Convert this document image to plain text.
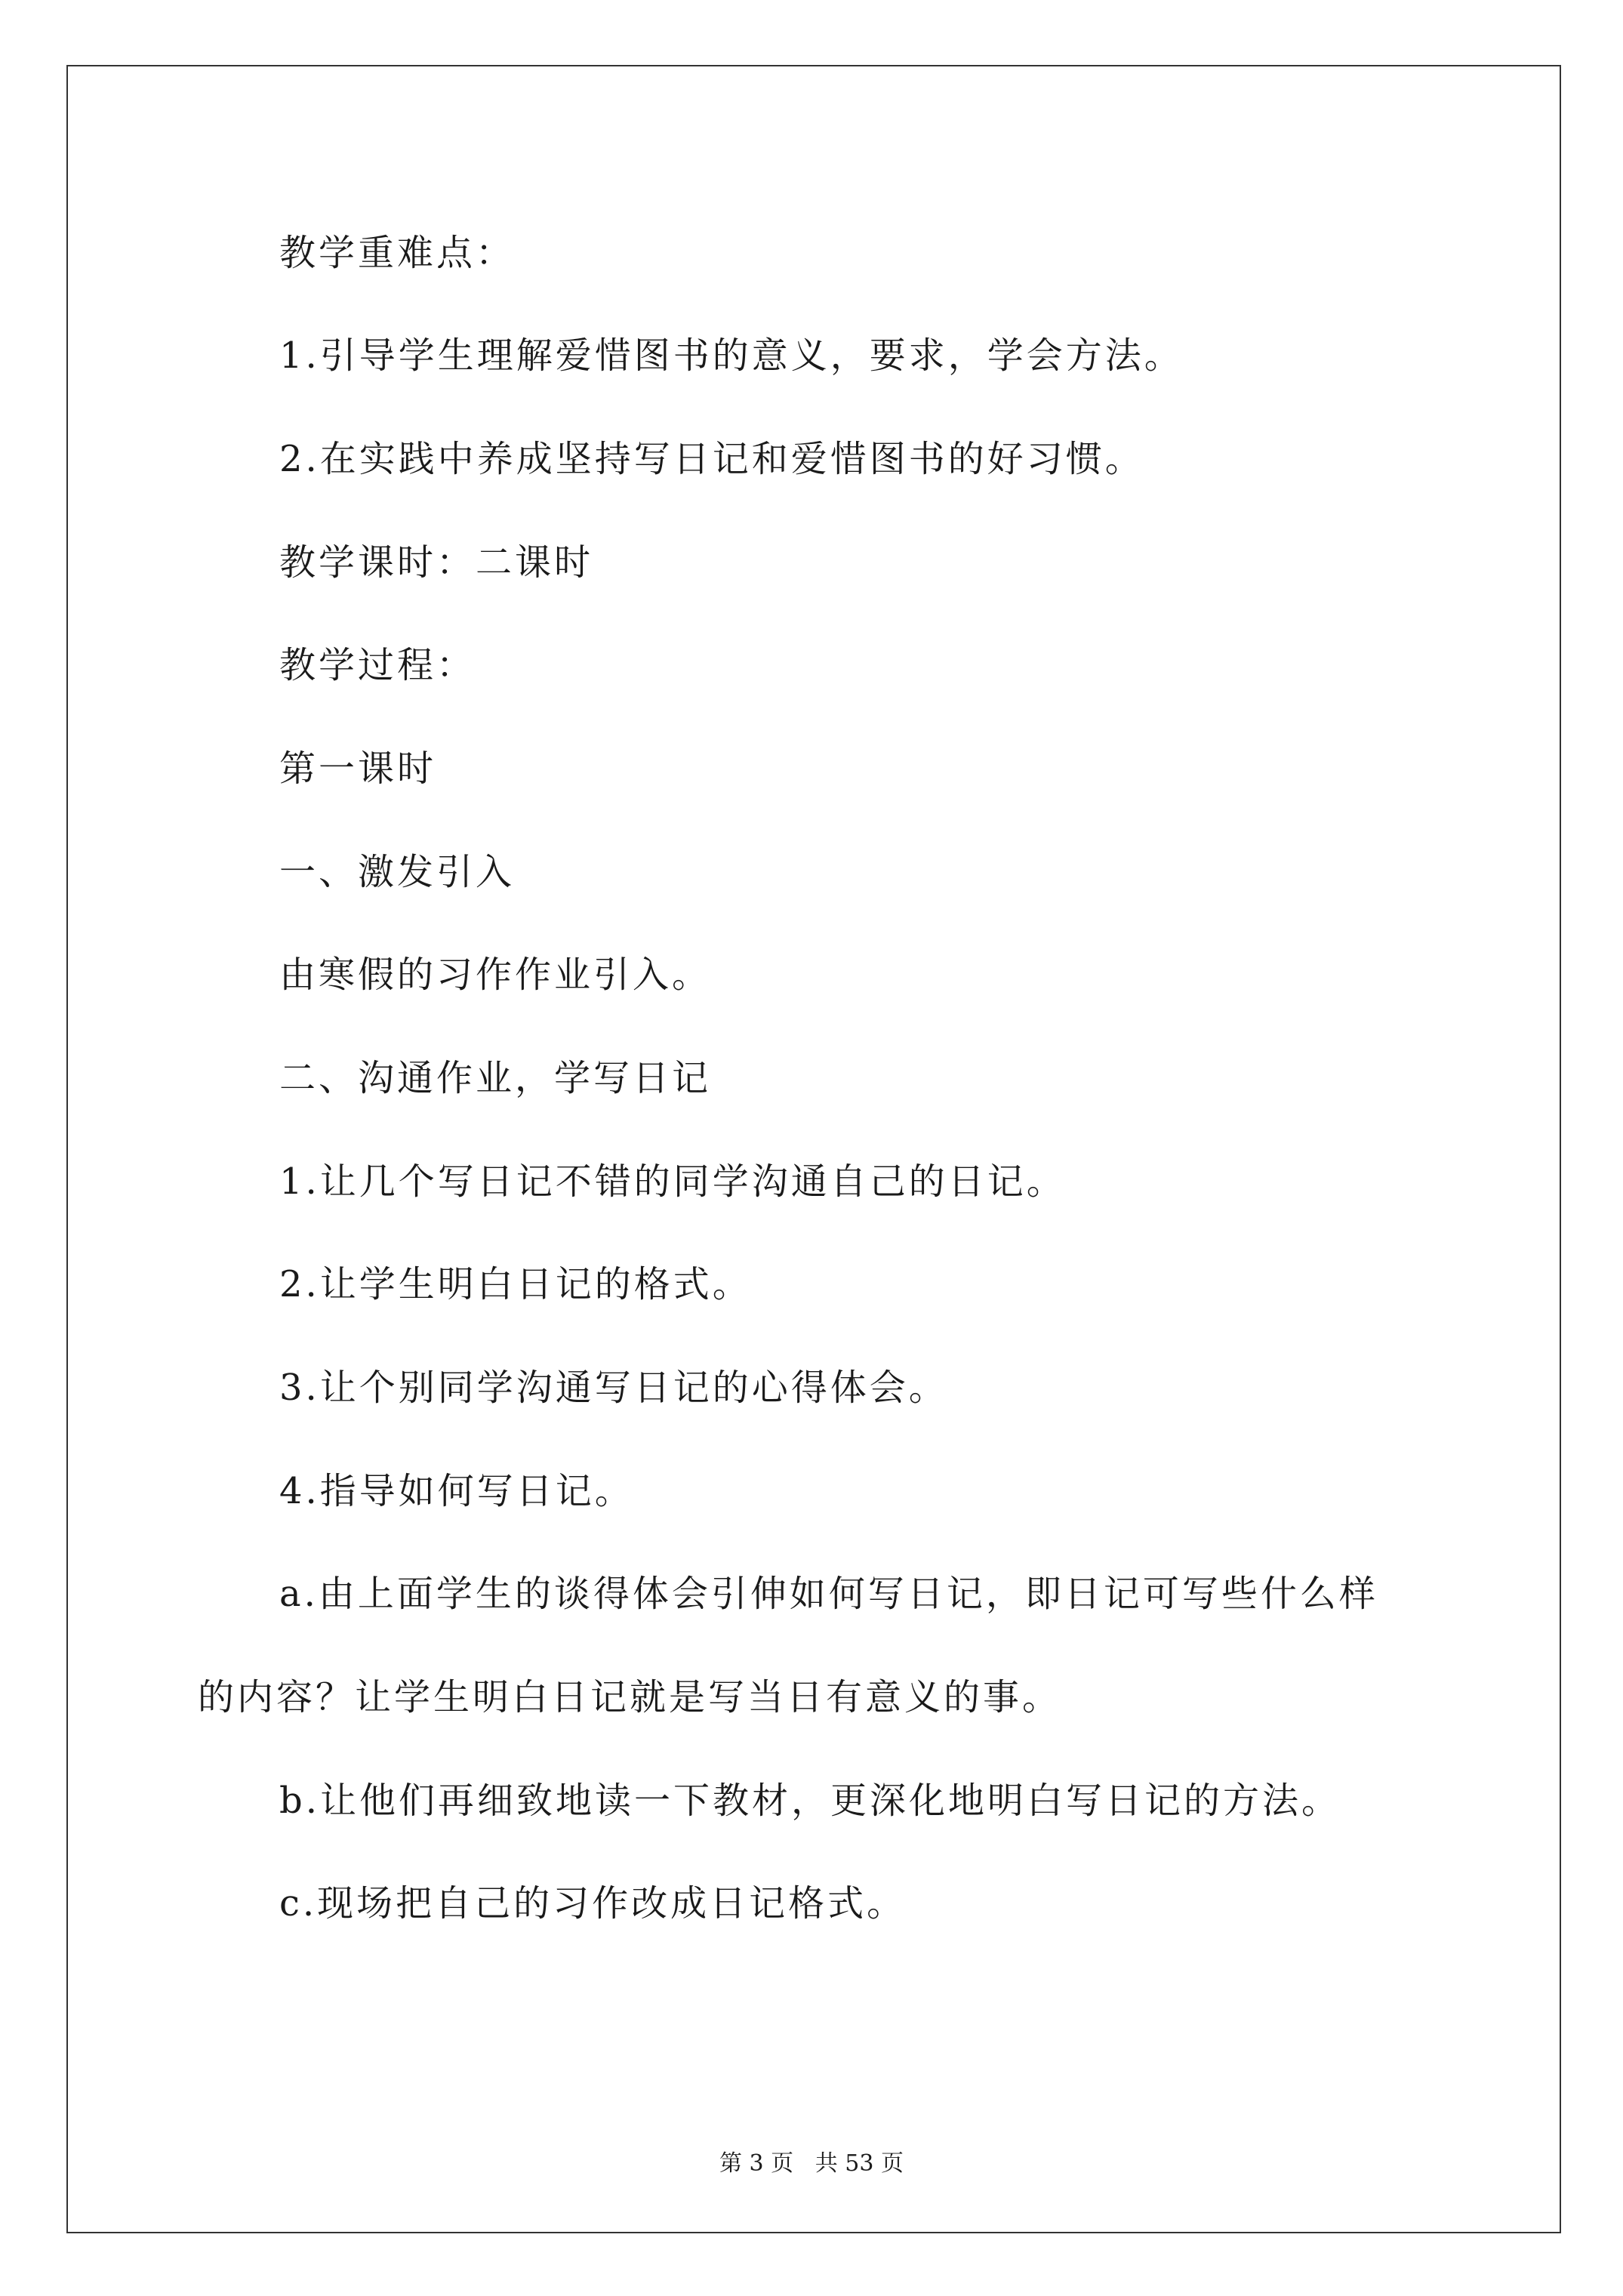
教学重难点：
1.引导学生理解爱惜图书的意义，要求，学会方法。
2.在实践中养成坚持写日记和爱惜图书的好习惯。
教学课时：二课时
教学过程：
第一课时
一、激发引入
由寒假的习作作业引入。
二、沟通作业，学写日记
1.让几个写日记不错的同学沟通自己的日记。
2.让学生明白日记的格式。
3.让个别同学沟通写日记的心得体会。
4.指导如何写日记。
a.由上面学生的谈得体会引伸如何写日记，即日记可写些什么样
的内容？让学生明白日记就是写当日有意义的事。
b.让他们再细致地读一下教材，更深化地明白写日记的方法。
c.现场把自己的习作改成日记格式。
第 3 页   共 53 页
